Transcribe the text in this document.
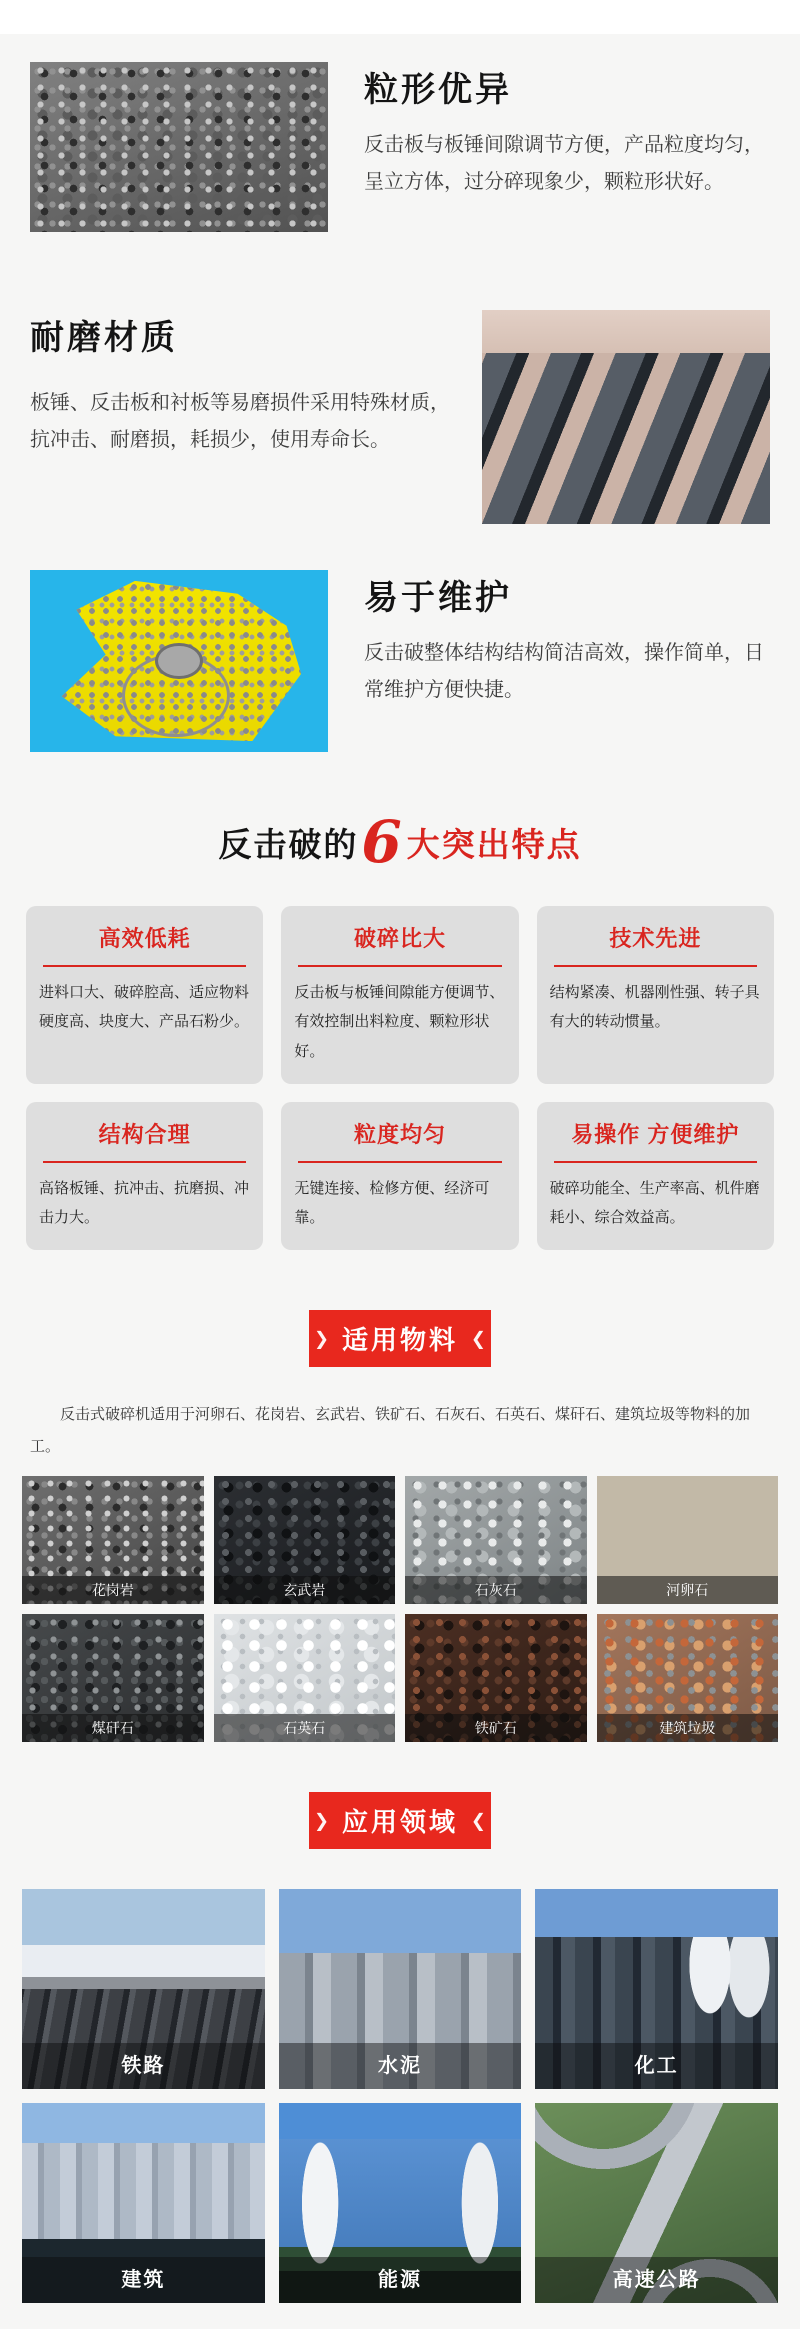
粒形优异
反击板与板锤间隙调节方便，产品粒度均匀，呈立方体，过分碎现象少，颗粒形状好。
耐磨材质
板锤、反击板和衬板等易磨损件采用特殊材质，抗冲击、耐磨损，耗损少，使用寿命长。
易于维护
反击破整体结构结构简洁高效，操作简单，日常维护方便快捷。
反击破的6大突出特点
高效低耗
进料口大、破碎腔高、适应物料硬度高、块度大、产品石粉少。
破碎比大
反击板与板锤间隙能方便调节、有效控制出料粒度、颗粒形状好。
技术先进
结构紧凑、机器刚性强、转子具有大的转动惯量。
结构合理
高铬板锤、抗冲击、抗磨损、冲击力大。
粒度均匀
无键连接、检修方便、经济可靠。
易操作 方便维护
破碎功能全、生产率高、机件磨耗小、综合效益高。
❯ 适用物料 ❮
反击式破碎机适用于河卵石、花岗岩、玄武岩、铁矿石、石灰石、石英石、煤矸石、建筑垃圾等物料的加工。
花岗岩	玄武岩	石灰石	河卵石
煤矸石	石英石	铁矿石	建筑垃圾
❯ 应用领域 ❮
铁路	水泥	化工
建筑	能源	高速公路
